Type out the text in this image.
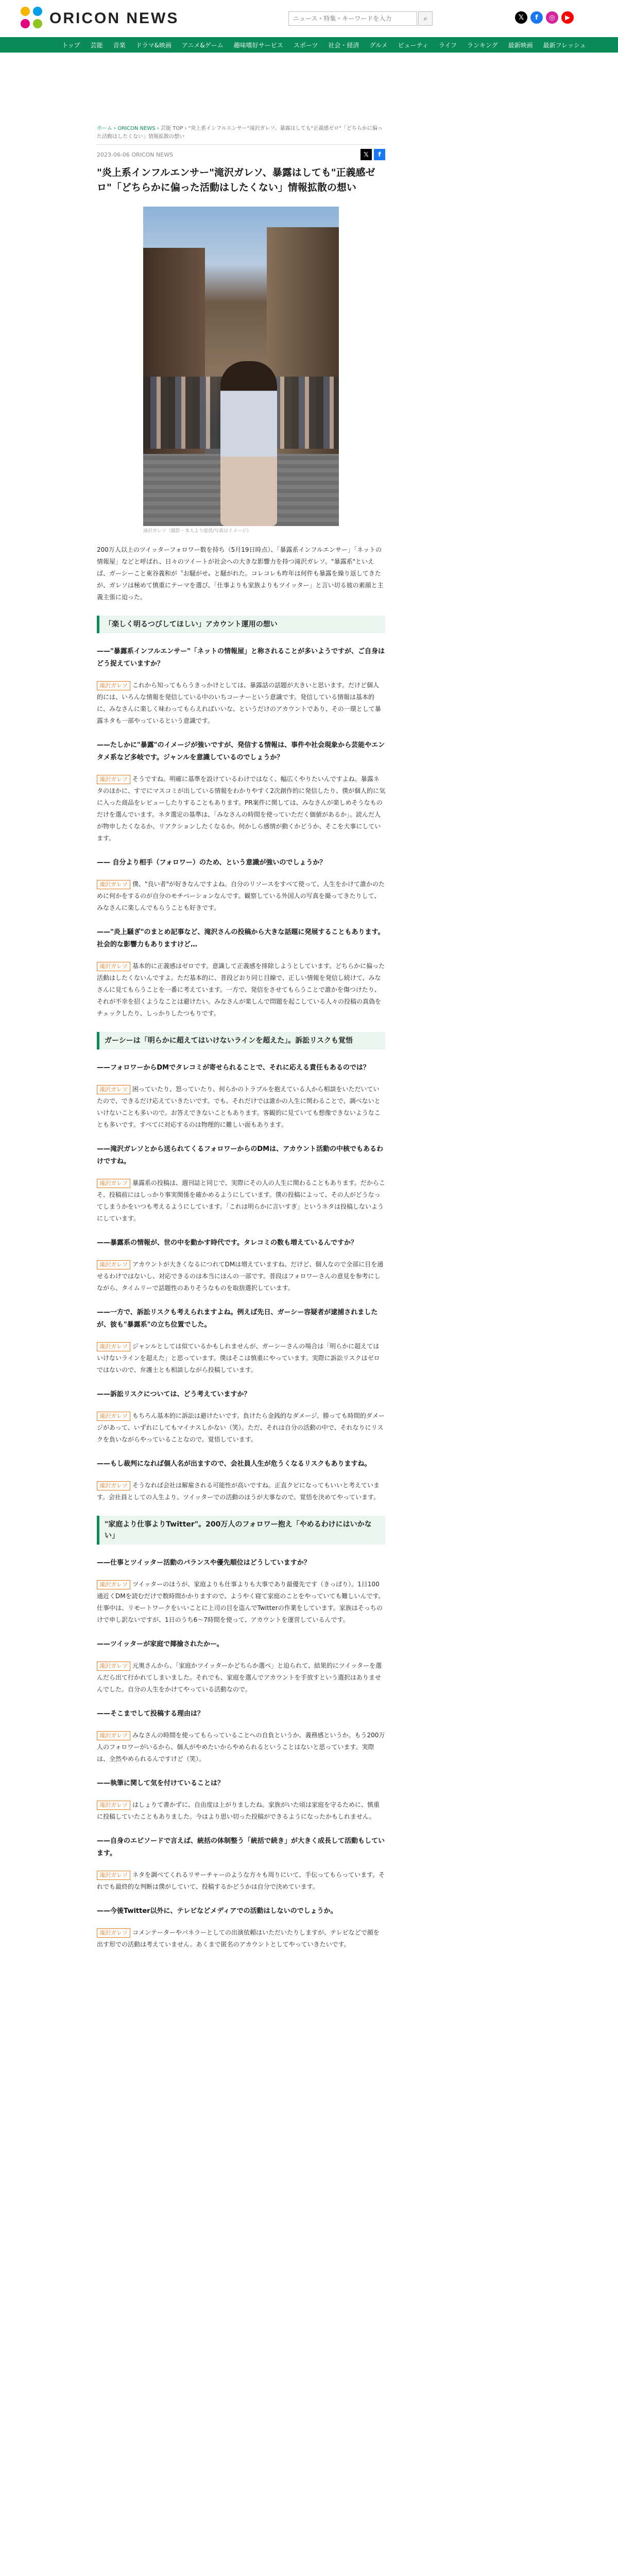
ORICON NEWS
ニュース・特集・キーワードを入力	⌕	𝕏	f	◎	▶
トップ	芸能	音楽	ドラマ&映画	アニメ&ゲーム	趣味嗜好サービス	スポーツ	社会・経済	グルメ	ビューティ	ライフ	ランキング	最新映画	最新フレッシュ
ホーム › ORICON NEWS › 芸能 TOP › "炎上系インフルエンサー"滝沢ガレソ、暴露はしても"正義感ゼロ"「どちらかに偏った活動はしたくない」情報拡散の想い
2023-06-06 ORICON NEWS	𝕏	f
"炎上系インフルエンサー"滝沢ガレソ、暴露はしても"正義感ゼロ"「どちらかに偏った活動はしたくない」情報拡散の想い
滝沢ガレソ（撮影・本人より提供/写真はイメージ）

200万人以上のツイッターフォロワー数を持ち（5月19日時点）、「暴露系インフルエンサー」「ネットの情報屋」などと呼ばれ、日々のツイートが社会への大きな影響力を持つ滝沢ガレソ。"暴露系"といえば、ガーシーこと東谷義和が〝お騒がせ〟と騒がれた。コレコレも昨年は何件も暴露を繰り返してきたが、ガレソは極めて慎重にテーマを選び、「仕事よりも家族よりもツイッター」と言い切る彼の素顔と主義主張に迫った。

「楽しく明るつびしてほしい」アカウント運用の想い

——"暴露系インフルエンサー"「ネットの情報屋」と称されることが多いようですが、ご自身はどう捉えていますか？

滝沢ガレソ これから知ってもらうきっかけとしては、暴露話の話題が大きいと思います。だけど個人的には、いろんな情報を発信している中のいちコーナーという意識です。発信している情報は基本的に、みなさんに楽しく味わってもらえればいいな、というだけのアカウントであり、その一環として暴露ネタも一部やっているという意識です。

——たしかに"暴露"のイメージが強いですが、発信する情報は、事件や社会現象から芸能やエンタメ系など多岐です。ジャンルを意識しているのでしょうか？

滝沢ガレソ そうですね。明確に基準を設けているわけではなく、幅広くやりたいんですよね。暴露ネタのほかに、すでにマスコミが出している情報をわかりやすく2次創作的に発信したり、僕が個人的に気に入った商品をレビューしたりすることもあります。PR案件に関しては、みなさんが楽しめそうなものだけを選んでいます。ネタ選定の基準は、「みなさんの時間を使っていただく価値があるか」。読んだ人が物申したくなるか、リアクションしたくなるか。何かしら感情が動くかどうか、そこを大事にしています。

—— 自分より相手（フォロワー）のため、という意識が強いのでしょうか？

滝沢ガレソ 僕、"良い者"が好きなんですよね。自分のリソースをすべて使って、人生をかけて誰かのために何かをするのが自分のモチベーションなんです。観察している外国人の写真を撮ってきたりして、みなさんに楽しんでもらうことも好きです。

——"炎上騒ぎ"のまとめ記事など、滝沢さんの投稿から大きな話題に発展することもあります。社会的な影響力もありますけど…

滝沢ガレソ 基本的に正義感はゼロです。意識して正義感を排除しようとしています。どちらかに偏った活動はしたくないんですよ。ただ基本的に、普段どおり同じ目線で、正しい情報を発信し続けて、みなさんに見てもらうことを一番に考えています。一方で、発信をさせてもらうことで誰かを傷つけたり、それが不幸を招くようなことは避けたい。みなさんが楽しんで問題を起こしている人々の投稿の真偽をチェックしたり、しっかりしたつもりです。

ガーシーは「明らかに超えてはいけないラインを超えた」。訴訟リスクも覚悟

——フォロワーからDMでタレコミが寄せられることで、それに応える責任もあるのでは？

滝沢ガレソ 困っていたり、怒っていたり、何らかのトラブルを抱えている人から相談をいただいていたので、できるだけ応えていきたいです。でも、それだけでは誰かの人生に関わることで、調べないといけないことも多いので。お答えできないこともあります。客観的に見ていても想像できないようなことも多いです。すべてに対応するのは物理的に難しい面もあります。

——滝沢ガレソとから送られてくるフォロワーからのDMは、アカウント活動の中核でもあるわけですね。

滝沢ガレソ 暴露系の投稿は、週刊誌と同じで、実際にその人の人生に関わることもあります。だからこそ、投稿前にはしっかり事実関係を確かめるようにしています。僕の投稿によって、その人がどうなってしまうかをいつも考えるようにしています。「これは明らかに言いすぎ」というネタは投稿しないようにしています。

——暴露系の情報が、世の中を動かす時代です。タレコミの数も増えているんですか？

滝沢ガレソ アカウントが大きくなるにつれてDMは増えていますね。だけど、個人なので全部に目を通せるわけではないし、対応できるのは本当にほんの一部です。普段はフォロワーさんの意見を参考にしながら、タイムリーで話題性のありそうなものを取捨選択しています。

——一方で、訴訟リスクも考えられますよね。例えば先日、ガーシー容疑者が逮捕されましたが、彼も"暴露系"の立ち位置でした。

滝沢ガレソ ジャンルとしては似ているかもしれませんが、ガーシーさんの場合は「明らかに超えてはいけないラインを超えた」と思っています。僕はそこは慎重にやっています。実際に訴訟リスクはゼロではないので、弁護士とも相談しながら投稿しています。

——訴訟リスクについては、どう考えていますか？

滝沢ガレソ もちろん基本的に訴訟は避けたいです。負けたら金銭的なダメージ、勝っても時間的ダメージがあって、いずれにしてもマイナスしかない（笑）。ただ、それは自分の活動の中で、それなりにリスクを負いながらやっていることなので、覚悟しています。

——もし裁判になれば個人名が出ますので、会社員人生が危うくなるリスクもありますね。

滝沢ガレソ そうなれば会社は解雇される可能性が高いですね。正直クビになってもいいと考えています。会社員としての人生より、ツイッターでの活動のほうが大事なので。覚悟を決めてやっています。

"家庭より仕事よりTwitter"。200万人のフォロワー抱え「やめるわけにはいかない」

——仕事とツイッター活動のバランスや優先順位はどうしていますか？

滝沢ガレソ ツイッターのほうが、家庭よりも仕事よりも大事であり最優先です（きっぱり）。1日100通近くDMを読むだけで数時間かかりますので、ようやく寝て家庭のことをやっていても難しいんです。仕事中は、リモートワークをいいことに上司の目を盗んでTwitterの作業をしています。家族はそっちのけで申し訳ないですが、1日のうち6〜7時間を使って、アカウントを運営しているんです。

——ツイッターが家庭で揶揄されたかー。

滝沢ガレソ 元奥さんから、「家庭かツイッターかどちらか選べ」と迫られて、結果的にツイッターを選んだら出て行かれてしまいました。それでも、家庭を選んでアカウントを手放すという選択はありませんでした。自分の人生をかけてやっている活動なので。

——そこまでして投稿する理由は？

滝沢ガレソ みなさんの時間を使ってもらっていることへの自負というか、義務感というか。もう200万人のフォロワーがいるから、個人がやめたいからやめられるということはないと思っています。実際は、全然やめられるんですけど（笑）。

——執筆に関して気を付けていることは？

滝沢ガレソ はしょりて書かずに、自由度は上がりましたね。家族がいた頃は家庭を守るために、慎重に投稿していたこともありました。今はより思い切った投稿ができるようになったかもしれません。

——自身のエピソードで言えば、統括の体制整う「統括で続き」が大きく成長して活動もしています。

滝沢ガレソ ネタを調べてくれるリサーチャーのような方々も周りにいて、手伝ってもらっています。それでも最終的な判断は僕がしていて、投稿するかどうかは自分で決めています。

——今後Twitter以外に、テレビなどメディアでの活動はしないのでしょうか。

滝沢ガレソ コメンテーターやパネラーとしての出演依頼はいただいたりしますが、テレビなどで顔を出す形での活動は考えていません。あくまで匿名のアカウントとしてやっていきたいです。
